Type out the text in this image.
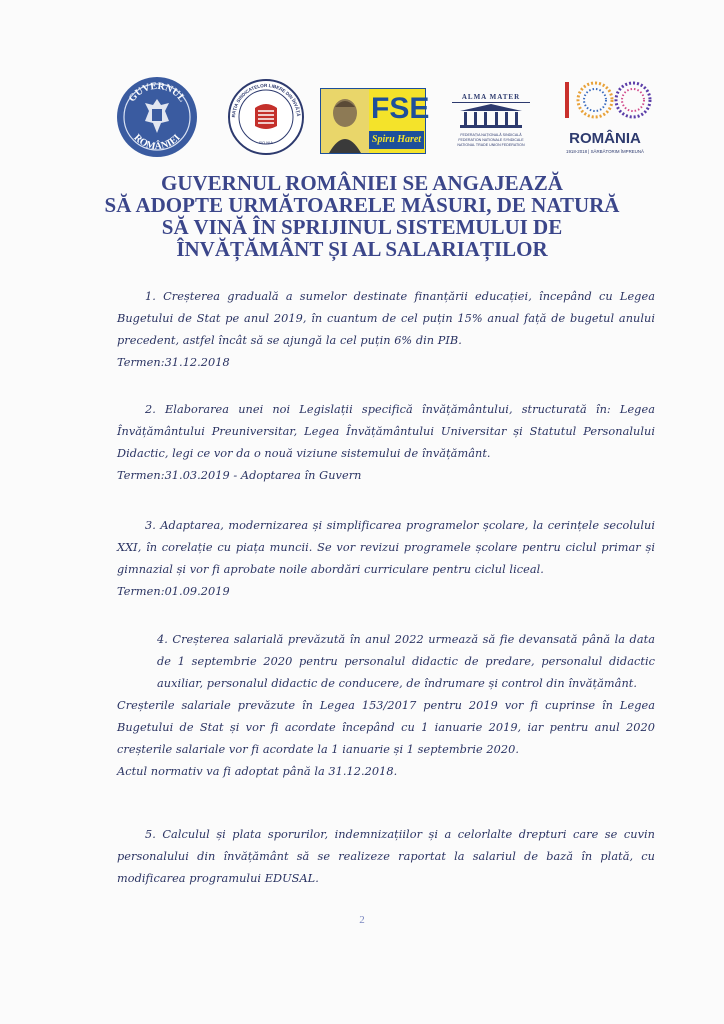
GUVERNUL
ROMÂNIEI
RAȚIA SINDICATELOR LIBERE DIN ÎNVĂȚĂ
RO NIA
FSE
Spiru Haret
ALMA MATER
FEDERAȚIA NAȚIONALĂ SINDICALĂ
FEDERATION NATIONALE SYNDICALE
NATIONAL TRADE UNION FEDERATION	ROMÂNIA
1918-2018 | SĂRBĂTORIM ÎMPREUNĂ
GUVERNUL ROMÂNIEI SE ANGAJEAZĂ
SĂ ADOPTE URMĂTOARELE MĂSURI, DE NATURĂ
SĂ VINĂ ÎN SPRIJINUL SISTEMULUI DE
ÎNVĂȚĂMÂNT ȘI AL SALARIAȚILOR
1. Creșterea graduală a sumelor destinate finanțării educației, începând cu Legea Bugetului de Stat pe anul 2019, în cuantum de cel puțin 15% anual față de bugetul anului precedent, astfel încât să se ajungă la cel puțin 6% din PIB.
Termen:31.12.2018
2. Elaborarea unei noi Legislații specifică învățământului, structurată în: Legea Învățământului Preuniversitar, Legea Învățământului Universitar și Statutul Personalului Didactic, legi ce vor da o nouă viziune sistemului de învățământ.
Termen:31.03.2019 - Adoptarea în Guvern
3. Adaptarea, modernizarea și simplificarea programelor școlare, la cerințele secolului XXI, în corelație cu piața muncii. Se vor revizui programele școlare pentru ciclul primar și gimnazial și vor fi aprobate noile abordări curriculare pentru ciclul liceal.
Termen:01.09.2019
4. Creșterea salarială prevăzută în anul 2022 urmează să fie devansată până la data de 1 septembrie 2020 pentru personalul didactic de predare, personalul didactic auxiliar, personalul didactic de conducere, de îndrumare și control din învățământ.
Creșterile salariale prevăzute în Legea 153/2017 pentru 2019 vor fi cuprinse în Legea Bugetului de Stat și vor fi acordate începând cu 1 ianuarie 2019, iar pentru anul 2020 creșterile salariale vor fi acordate la 1 ianuarie și 1 septembrie 2020.
Actul normativ va fi adoptat până la 31.12.2018.
5. Calculul și plata sporurilor, indemnizațiilor și a celorlalte drepturi care se cuvin personalului din învățământ să se realizeze raportat la salariul de bază în plată, cu modificarea programului EDUSAL.
2
